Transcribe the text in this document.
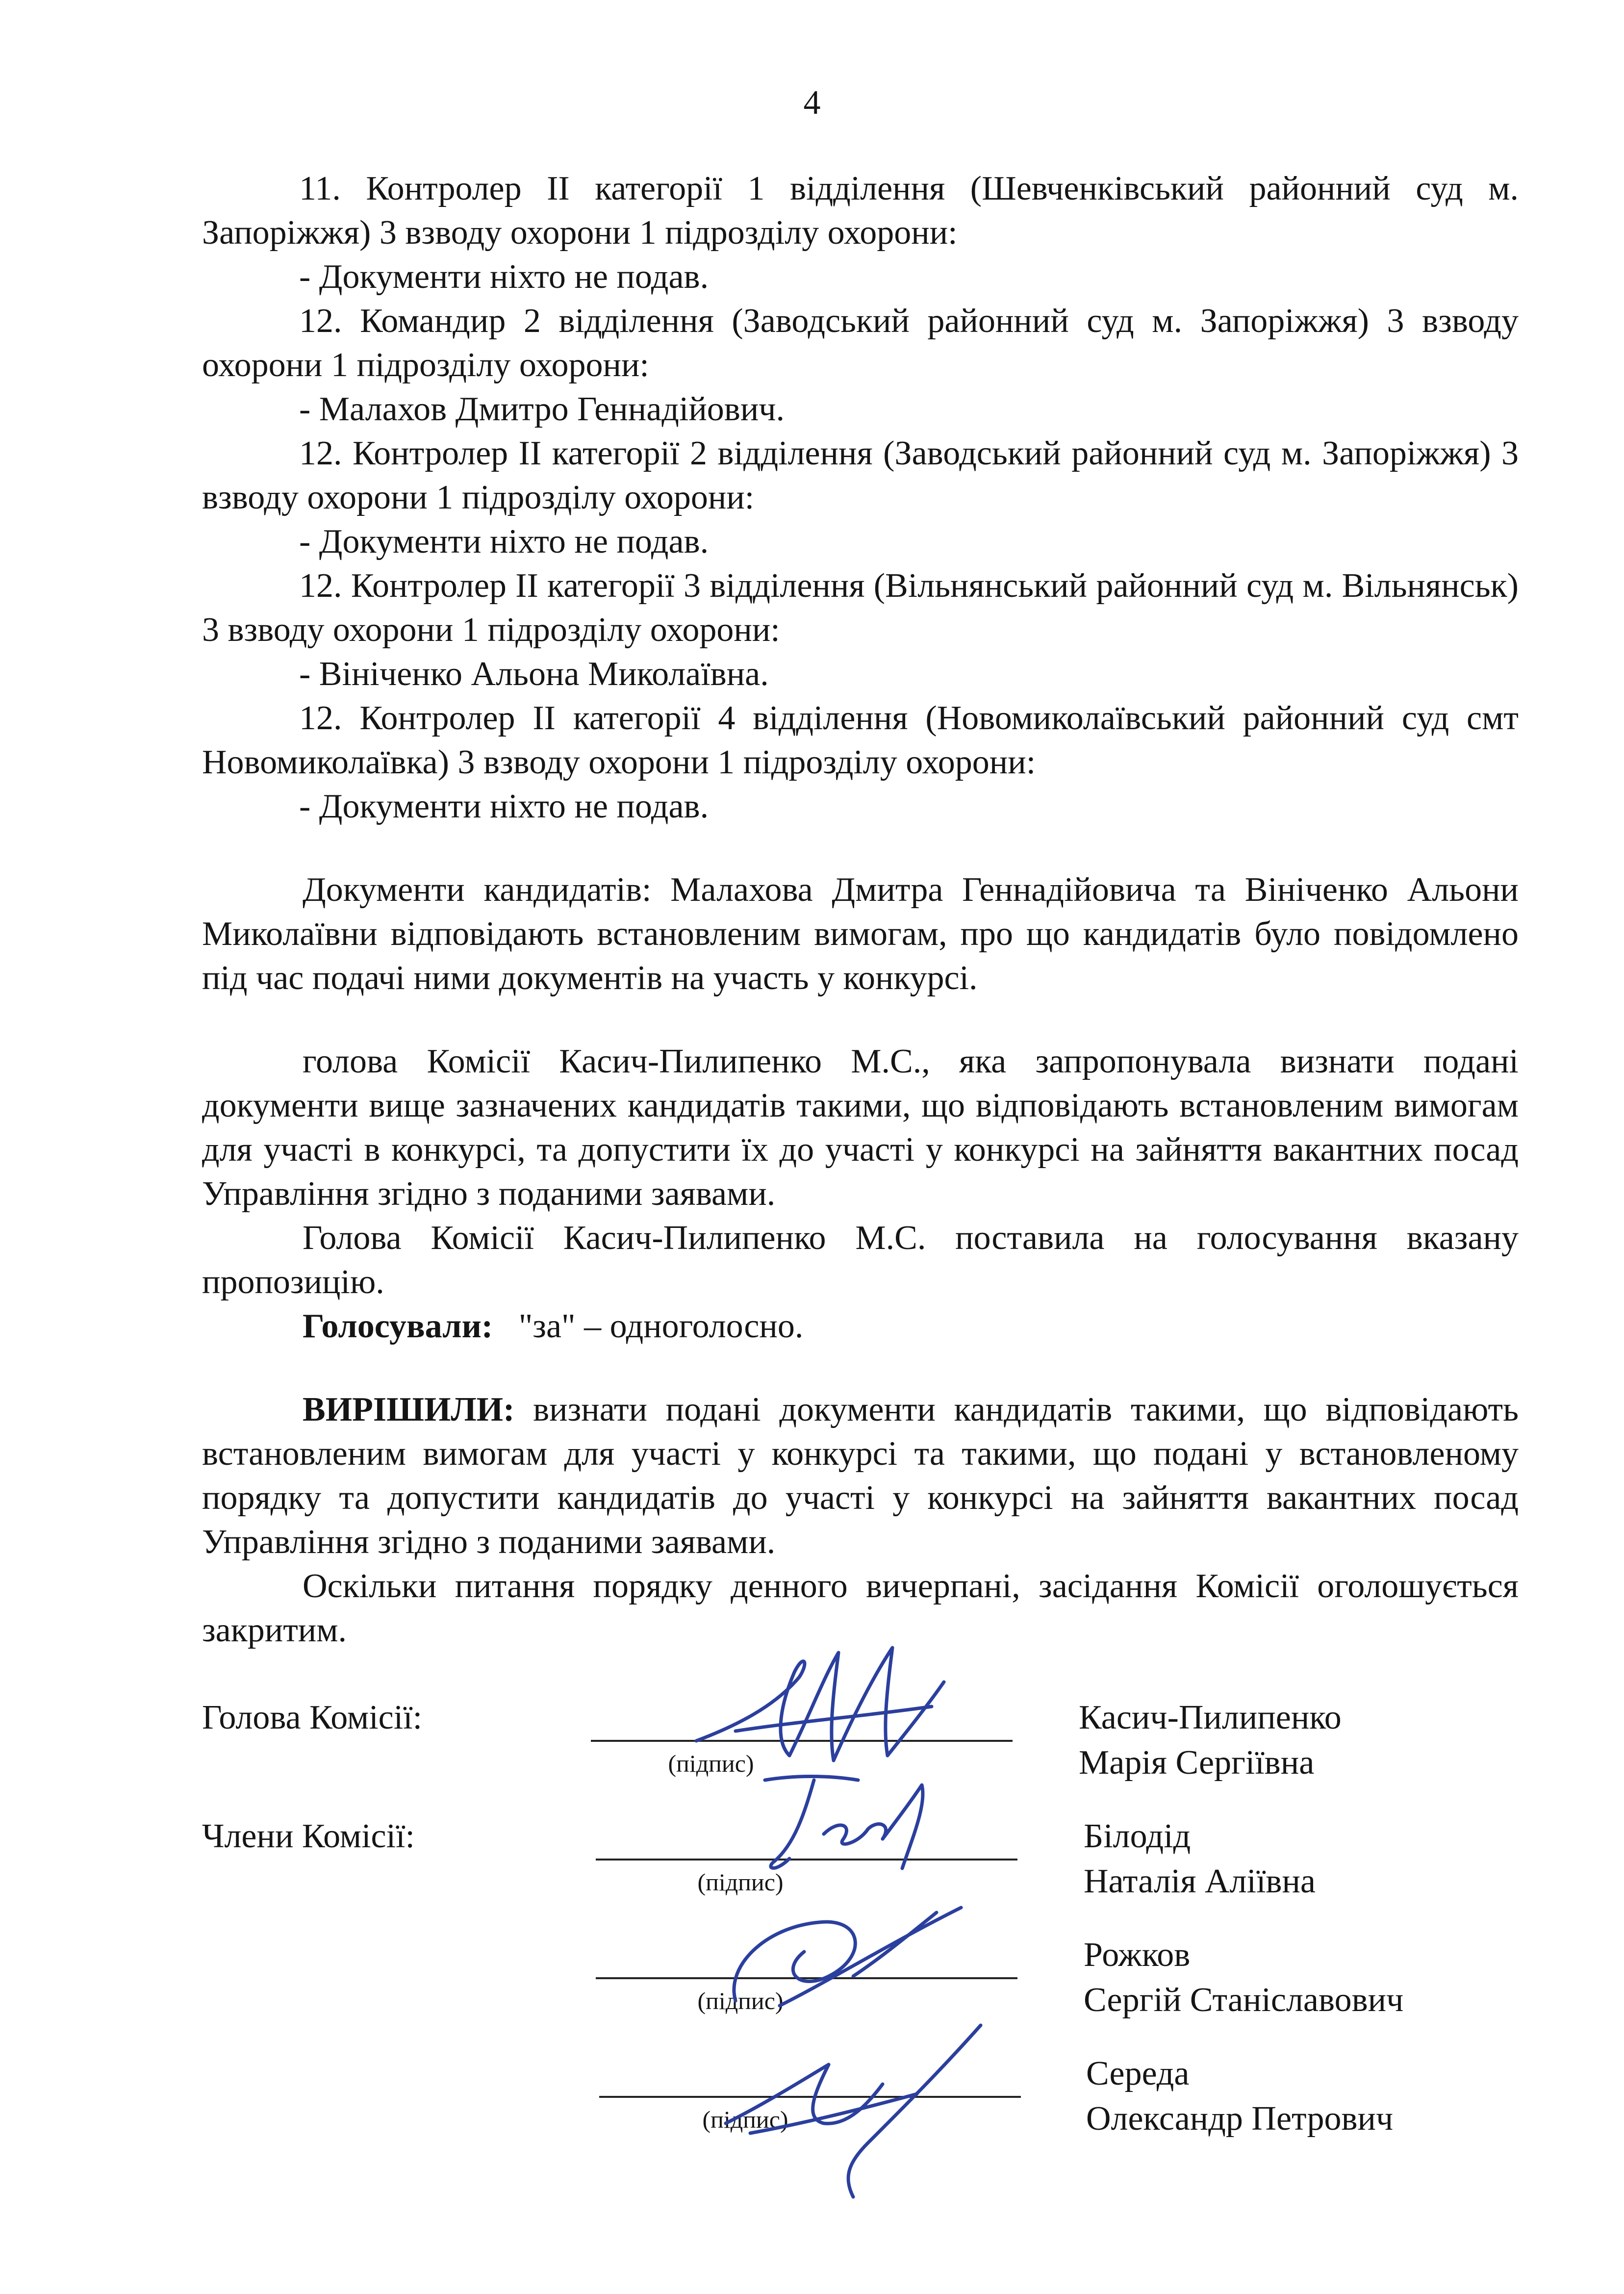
4

11. Контролер ІІ категорії 1 відділення (Шевченківський районний суд м. Запоріжжя) 3 взводу охорони 1 підрозділу охорони:

- Документи ніхто не подав.

12. Командир 2 відділення (Заводський районний суд м. Запоріжжя) 3 взводу охорони 1 підрозділу охорони:

- Малахов Дмитро Геннадійович.

12. Контролер ІІ категорії 2 відділення (Заводський районний суд м. Запоріжжя) 3 взводу охорони 1 підрозділу охорони:

- Документи ніхто не подав.

12. Контролер ІІ категорії 3 відділення (Вільнянський районний суд м. Вільнянськ) 3 взводу охорони 1 підрозділу охорони:

- Вініченко Альона Миколаївна.

12. Контролер ІІ категорії 4 відділення (Новомиколаївський районний суд смт Новомиколаївка) 3 взводу охорони 1 підрозділу охорони:

- Документи ніхто не подав.

Документи кандидатів: Малахова Дмитра Геннадійовича та Вініченко Альони Миколаївни відповідають встановленим вимогам, про що кандидатів було повідомлено під час подачі ними документів на участь у конкурсі.

голова Комісії Касич-Пилипенко М.С., яка запропонувала визнати подані документи вище зазначених кандидатів такими, що відповідають встановленим вимогам для участі в конкурсі, та допустити їх до участі у конкурсі на зайняття вакантних посад Управління згідно з поданими заявами.

Голова Комісії Касич-Пилипенко М.С. поставила на голосування вказану пропозицію.

Голосували: "за" – одноголосно.

ВИРІШИЛИ: визнати подані документи кандидатів такими, що відповідають встановленим вимогам для участі у конкурсі та такими, що подані у встановленому порядку та допустити кандидатів до участі у конкурсі на зайняття вакантних посад Управління згідно з поданими заявами.

Оскільки питання порядку денного вичерпані, засідання Комісії оголошується закритим.

Голова Комісії:
(підпис)
Касич-Пилипенко
Марія Сергіївна
Члени Комісії:
(підпис)
Білодід
Наталія Аліївна
(підпис)
Рожков
Сергій Станіславович
(підпис)
Середа
Олександр Петрович
